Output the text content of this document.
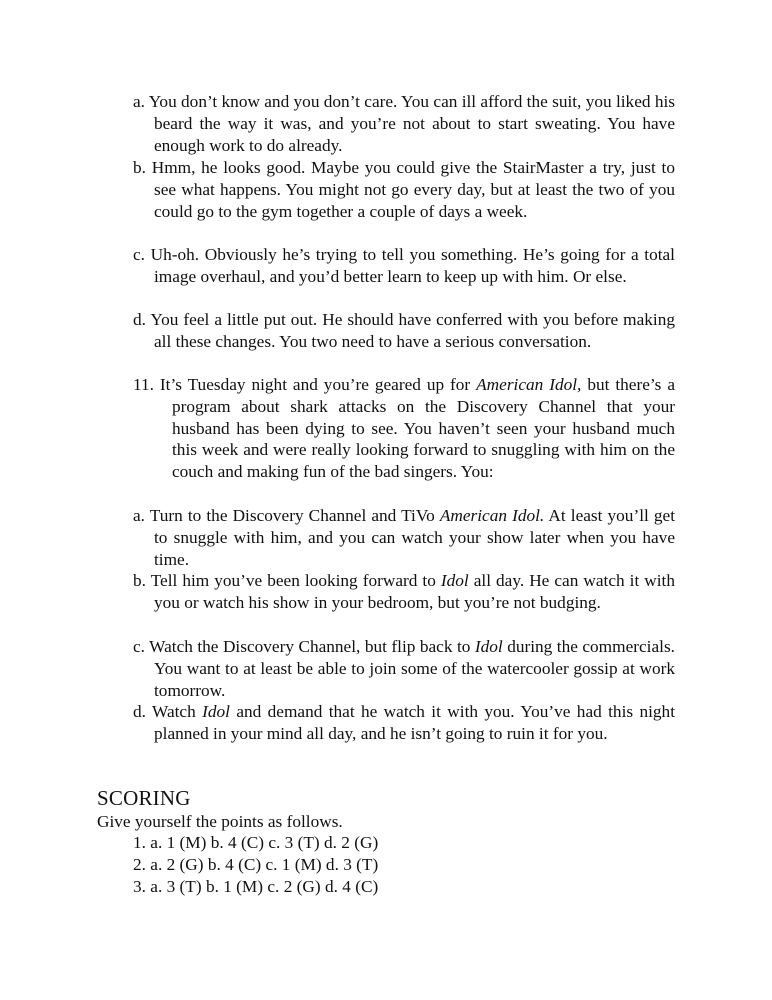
a. You don’t know and you don’t care. You can ill afford the suit, you liked his beard the way it was, and you’re not about to start sweating. You have enough work to do already.
b. Hmm, he looks good. Maybe you could give the StairMaster a try, just to see what happens. You might not go every day, but at least the two of you could go to the gym together a couple of days a week.
c. Uh-oh. Obviously he’s trying to tell you something. He’s going for a total image overhaul, and you’d better learn to keep up with him. Or else.
d. You feel a little put out. He should have conferred with you before making all these changes. You two need to have a serious conversation.
11. It’s Tuesday night and you’re geared up for American Idol, but there’s a program about shark attacks on the Discovery Channel that your husband has been dying to see. You haven’t seen your husband much this week and were really looking forward to snuggling with him on the couch and making fun of the bad singers. You:
a. Turn to the Discovery Channel and TiVo American Idol. At least you’ll get to snuggle with him, and you can watch your show later when you have time.
b. Tell him you’ve been looking forward to Idol all day. He can watch it with you or watch his show in your bedroom, but you’re not budging.
c. Watch the Discovery Channel, but flip back to Idol during the commercials. You want to at least be able to join some of the watercooler gossip at work tomorrow.
d. Watch Idol and demand that he watch it with you. You’ve had this night planned in your mind all day, and he isn’t going to ruin it for you.
SCORING
Give yourself the points as follows.
1. a. 1 (M) b. 4 (C) c. 3 (T) d. 2 (G)
2. a. 2 (G) b. 4 (C) c. 1 (M) d. 3 (T)
3. a. 3 (T) b. 1 (M) c. 2 (G) d. 4 (C)
